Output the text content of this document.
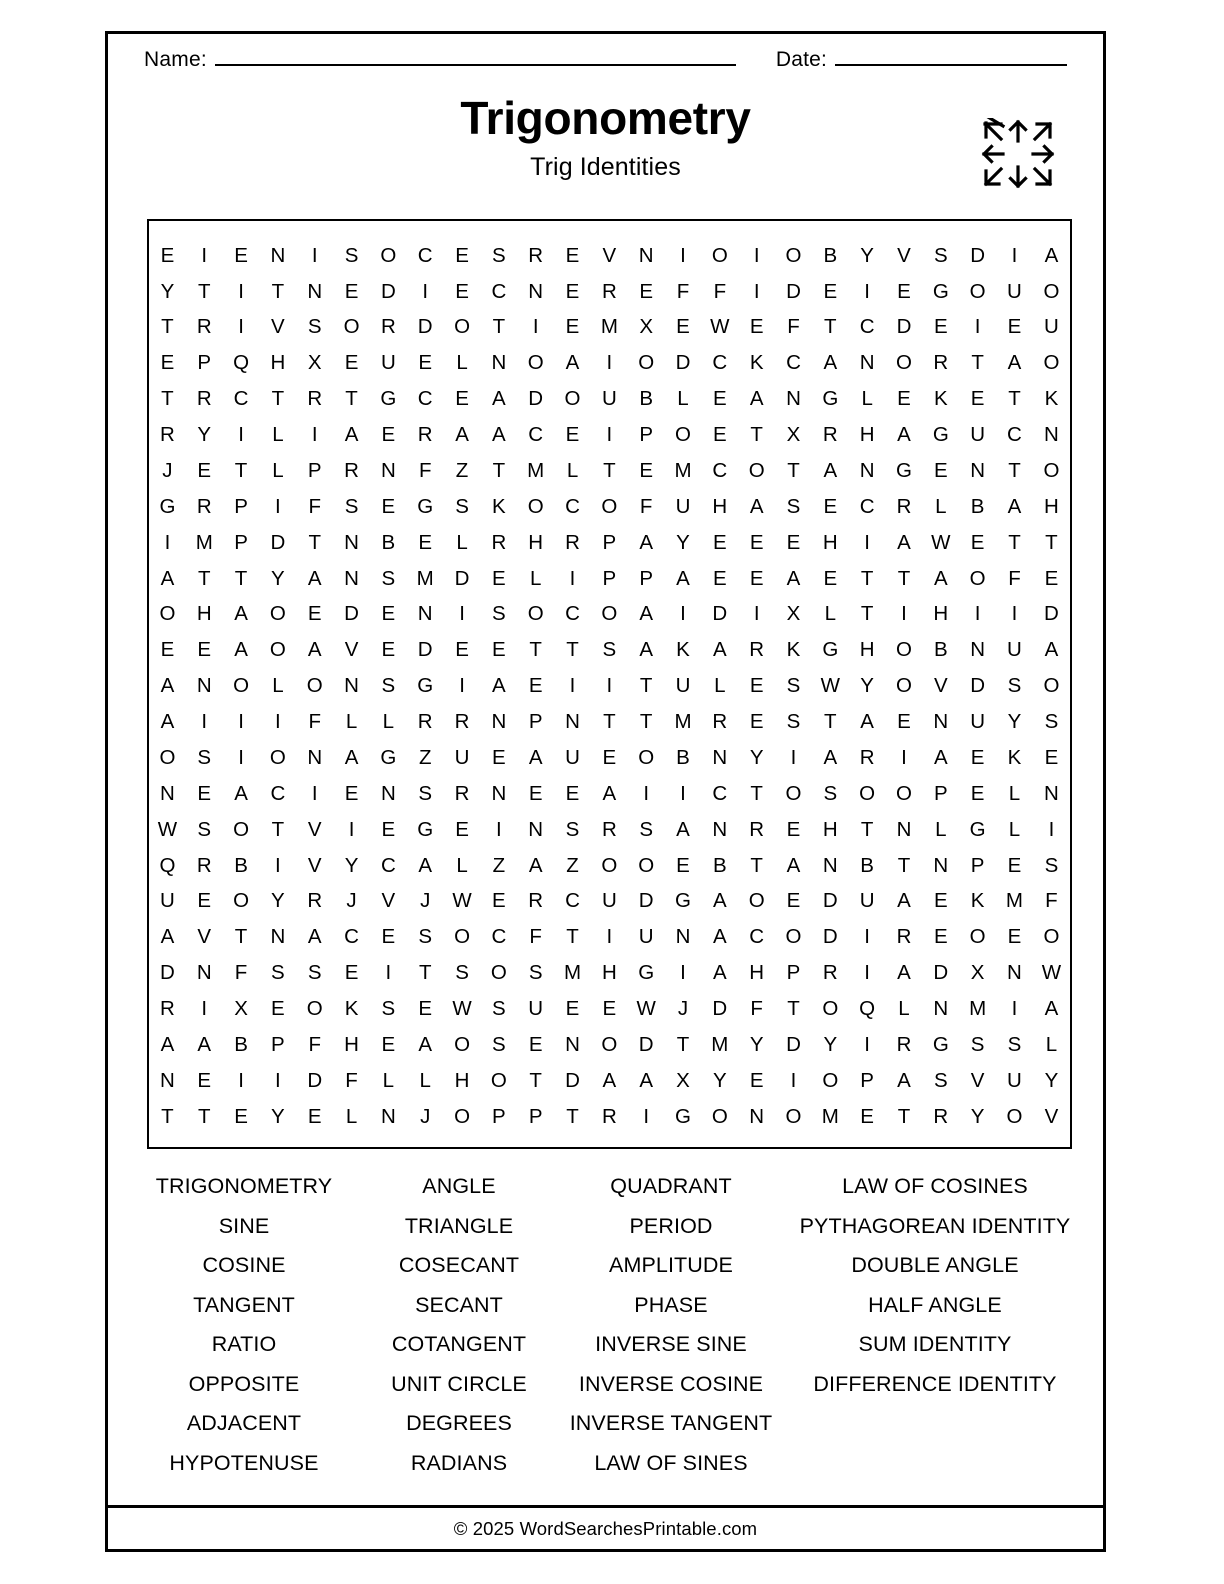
Name:	Date:
Trigonometry
Trig Identities
E	I	E	N	I	S	O	C	E	S	R	E	V	N	I	O	I	O	B	Y	V	S	D	I	A
Y	T	I	T	N	E	D	I	E	C	N	E	R	E	F	F	I	D	E	I	E	G	O	U	O
T	R	I	V	S	O	R	D	O	T	I	E	M	X	E	W	E	F	T	C	D	E	I	E	U
E	P	Q	H	X	E	U	E	L	N	O	A	I	O	D	C	K	C	A	N	O	R	T	A	O
T	R	C	T	R	T	G	C	E	A	D	O	U	B	L	E	A	N	G	L	E	K	E	T	K
R	Y	I	L	I	A	E	R	A	A	C	E	I	P	O	E	T	X	R	H	A	G	U	C	N
J	E	T	L	P	R	N	F	Z	T	M	L	T	E	M	C	O	T	A	N	G	E	N	T	O
G	R	P	I	F	S	E	G	S	K	O	C	O	F	U	H	A	S	E	C	R	L	B	A	H
I	M	P	D	T	N	B	E	L	R	H	R	P	A	Y	E	E	E	H	I	A	W	E	T	T
A	T	T	Y	A	N	S	M	D	E	L	I	P	P	A	E	E	A	E	T	T	A	O	F	E
O	H	A	O	E	D	E	N	I	S	O	C	O	A	I	D	I	X	L	T	I	H	I	I	D
E	E	A	O	A	V	E	D	E	E	T	T	S	A	K	A	R	K	G	H	O	B	N	U	A
A	N	O	L	O	N	S	G	I	A	E	I	I	T	U	L	E	S	W	Y	O	V	D	S	O
A	I	I	I	F	L	L	R	R	N	P	N	T	T	M	R	E	S	T	A	E	N	U	Y	S
O	S	I	O	N	A	G	Z	U	E	A	U	E	O	B	N	Y	I	A	R	I	A	E	K	E
N	E	A	C	I	E	N	S	R	N	E	E	A	I	I	C	T	O	S	O	O	P	E	L	N
W	S	O	T	V	I	E	G	E	I	N	S	R	S	A	N	R	E	H	T	N	L	G	L	I
Q	R	B	I	V	Y	C	A	L	Z	A	Z	O	O	E	B	T	A	N	B	T	N	P	E	S
U	E	O	Y	R	J	V	J	W	E	R	C	U	D	G	A	O	E	D	U	A	E	K	M	F
A	V	T	N	A	C	E	S	O	C	F	T	I	U	N	A	C	O	D	I	R	E	O	E	O
D	N	F	S	S	E	I	T	S	O	S	M	H	G	I	A	H	P	R	I	A	D	X	N	W
R	I	X	E	O	K	S	E	W	S	U	E	E	W	J	D	F	T	O	Q	L	N	M	I	A
A	A	B	P	F	H	E	A	O	S	E	N	O	D	T	M	Y	D	Y	I	R	G	S	S	L
N	E	I	I	D	F	L	L	H	O	T	D	A	A	X	Y	E	I	O	P	A	S	V	U	Y
T	T	E	Y	E	L	N	J	O	P	P	T	R	I	G	O	N	O	M	E	T	R	Y	O	V
TRIGONOMETRY
SINE
COSINE
TANGENT
RATIO
OPPOSITE
ADJACENT
HYPOTENUSE
ANGLE
TRIANGLE
COSECANT
SECANT
COTANGENT
UNIT CIRCLE
DEGREES
RADIANS
QUADRANT
PERIOD
AMPLITUDE
PHASE
INVERSE SINE
INVERSE COSINE
INVERSE TANGENT
LAW OF SINES
LAW OF COSINES
PYTHAGOREAN IDENTITY
DOUBLE ANGLE
HALF ANGLE
SUM IDENTITY
DIFFERENCE IDENTITY
© 2025 WordSearchesPrintable.com
